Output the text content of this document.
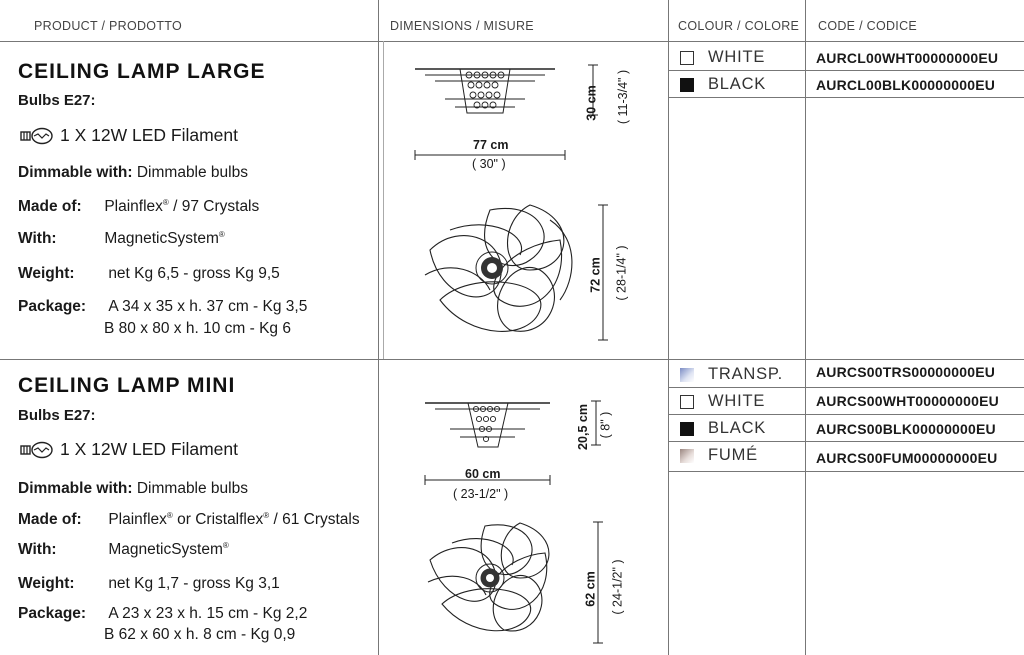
PRODUCT / PRODOTTO	DIMENSIONS / MISURE	COLOUR / COLORE CODE / CODICE
CEILING LAMP LARGE
Bulbs E27:
1 X 12W LED Filament
Dimmable with: Dimmable bulbs
Made of: Plainflex® / 97 Crystals
With:	MagneticSystem®
Weight: net Kg 6,5 - gross Kg 9,5
Package: A 34 x 35 x h. 37 cm - Kg 3,5
B 80 x 80 x h. 10 cm - Kg 6
77 cm
( 30" )
30 cm ( 11-3/4" )
72 cm ( 28-1/4" )
WHITE	AURCL00WHT00000000EU
BLACK	AURCL00BLK00000000EU
CEILING LAMP MINI
Bulbs E27:
1 X 12W LED Filament
Dimmable with: Dimmable bulbs
Made of: Plainflex® or Cristalflex® / 61 Crystals
With:	MagneticSystem®
Weight: net Kg 1,7 - gross Kg 3,1
Package: A 23 x 23 x h. 15 cm - Kg 2,2
B 62 x 60 x h. 8 cm - Kg 0,9
60 cm
( 23-1/2" )
20,5 cm ( 8" )
62 cm ( 24-1/2" )
TRANSP. AURCS00TRS00000000EU
WHITE	AURCS00WHT00000000EU
BLACK	AURCS00BLK00000000EU
FUMÉ	AURCS00FUM00000000EU
